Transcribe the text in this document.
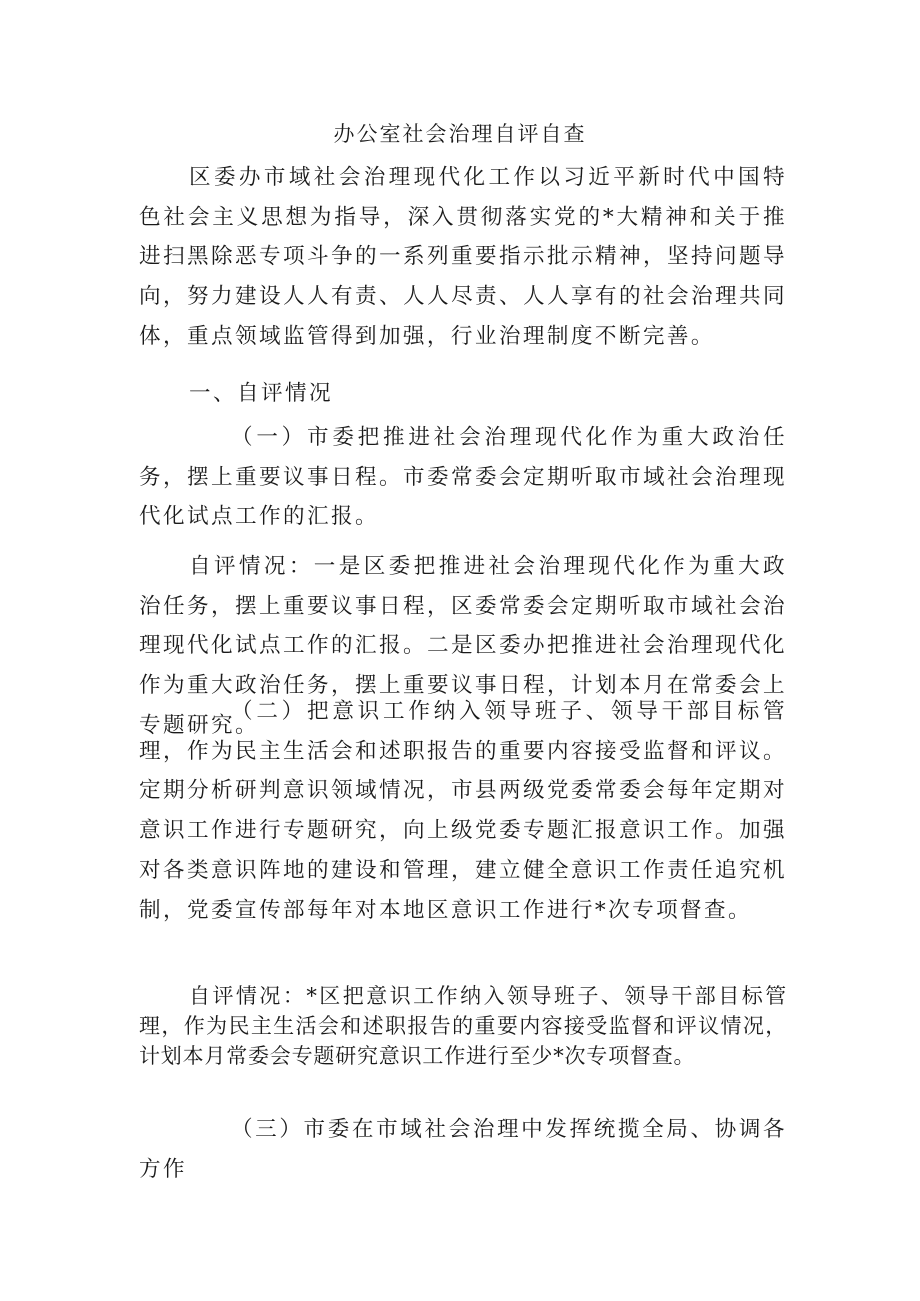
办公室社会治理自评自查

区委办市域社会治理现代化工作以习近平新时代中国特色社会主义思想为指导，深入贯彻落实党的*大精神和关于推进扫黑除恶专项斗争的一系列重要指示批示精神，坚持问题导向，努力建设人人有责、人人尽责、人人享有的社会治理共同体，重点领域监管得到加强，行业治理制度不断完善。

一、自评情况

（一）市委把推进社会治理现代化作为重大政治任务，摆上重要议事日程。市委常委会定期听取市域社会治理现代化试点工作的汇报。

自评情况：一是区委把推进社会治理现代化作为重大政治任务，摆上重要议事日程，区委常委会定期听取市域社会治理现代化试点工作的汇报。二是区委办把推进社会治理现代化作为重大政治任务，摆上重要议事日程，计划本月在常委会上专题研究。

（二）把意识工作纳入领导班子、领导干部目标管理，作为民主生活会和述职报告的重要内容接受监督和评议。定期分析研判意识领域情况，市县两级党委常委会每年定期对意识工作进行专题研究，向上级党委专题汇报意识工作。加强对各类意识阵地的建设和管理，建立健全意识工作责任追究机制，党委宣传部每年对本地区意识工作进行*次专项督查。

自评情况：*区把意识工作纳入领导班子、领导干部目标管理，作为民主生活会和述职报告的重要内容接受监督和评议情况，计划本月常委会专题研究意识工作进行至少*次专项督查。

（三）市委在市域社会治理中发挥统揽全局、协调各方作
